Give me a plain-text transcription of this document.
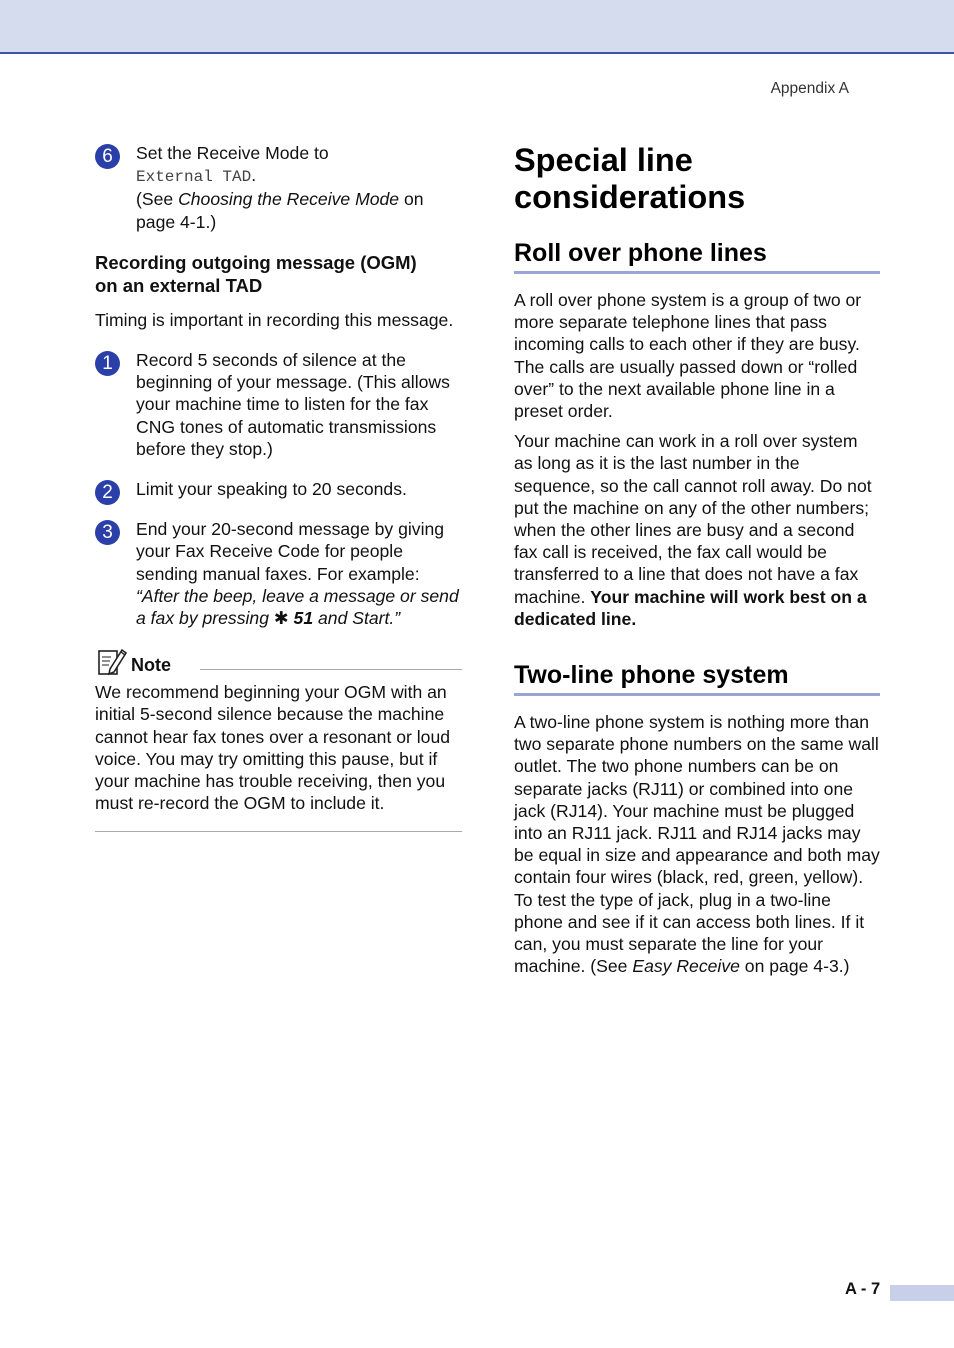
Appendix A
6	Set the Receive Mode to
External TAD.
(See Choosing the Receive Mode on
page 4-1.)

Recording outgoing message (OGM)
on an external TAD

Timing is important in recording this message.

1	Record 5 seconds of silence at the beginning of your message. (This allows your machine time to listen for the fax CNG tones of automatic transmissions before they stop.)

2	Limit your speaking to 20 seconds.

3	End your 20-second message by giving your Fax Receive Code for people sending manual faxes. For example:
“After the beep, leave a message or send a fax by pressing ✱ 51 and Start.”

Note

We recommend beginning your OGM with an initial 5-second silence because the machine cannot hear fax tones over a resonant or loud voice. You may try omitting this pause, but if your machine has trouble receiving, then you must re-record the OGM to include it.

Special line
considerations
Roll over phone lines

A roll over phone system is a group of two or more separate telephone lines that pass incoming calls to each other if they are busy. The calls are usually passed down or “rolled over” to the next available phone line in a preset order.

Your machine can work in a roll over system as long as it is the last number in the sequence, so the call cannot roll away. Do not put the machine on any of the other numbers; when the other lines are busy and a second fax call is received, the fax call would be transferred to a line that does not have a fax machine. Your machine will work best on a dedicated line.

Two-line phone system

A two-line phone system is nothing more than two separate phone numbers on the same wall outlet. The two phone numbers can be on separate jacks (RJ11) or combined into one jack (RJ14). Your machine must be plugged into an RJ11 jack. RJ11 and RJ14 jacks may be equal in size and appearance and both may contain four wires (black, red, green, yellow). To test the type of jack, plug in a two-line phone and see if it can access both lines. If it can, you must separate the line for your machine. (See Easy Receive on page 4-3.)

A - 7
